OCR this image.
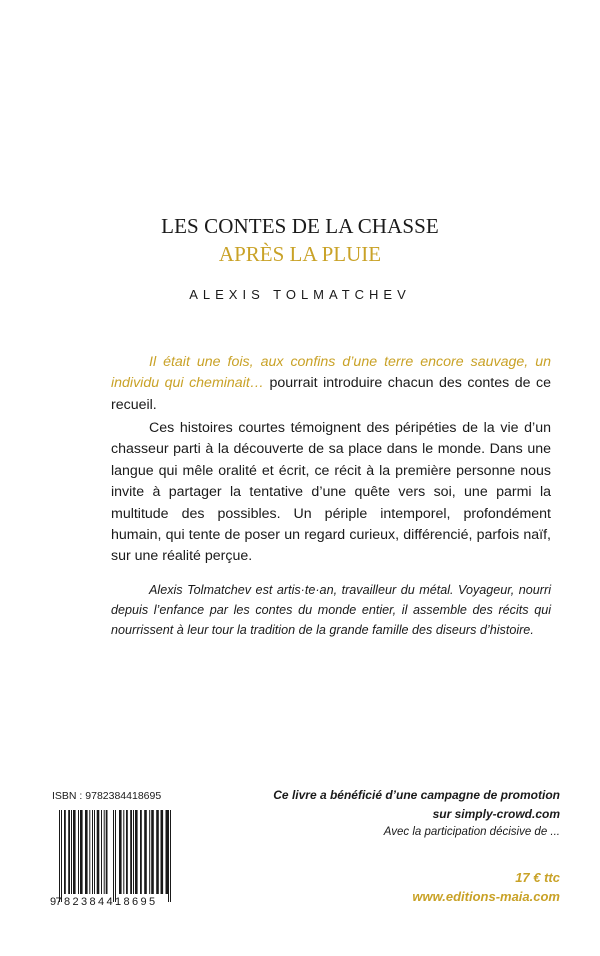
LES CONTES DE LA CHASSE
APRÈS LA PLUIE
ALEXIS TOLMATCHEV

Il était une fois, aux confins d’une terre encore sauvage, un individu qui cheminait… pourrait introduire chacun des contes de ce recueil.

Ces histoires courtes témoignent des péripéties de la vie d’un chasseur parti à la découverte de sa place dans le monde. Dans une langue qui mêle oralité et écrit, ce récit à la première personne nous invite à partager la tentative d’une quête vers soi, une parmi la multitude des possibles. Un périple intemporel, profondément humain, qui tente de poser un regard curieux, différencié, parfois naïf, sur une réalité perçue.

Alexis Tolmatchev est artis·te·an, travailleur du métal. Voyageur, nourri depuis l’enfance par les contes du monde entier, il assemble des récits qui nourrissent à leur tour la tradition de la grande famille des diseurs d’histoire.

ISBN : 9782384418695
9 782384 418695
Ce livre a bénéficié d’une campagne de promotion
sur simply-crowd.com
Avec la participation décisive de ...
17 € ttc
www.editions-maia.com
